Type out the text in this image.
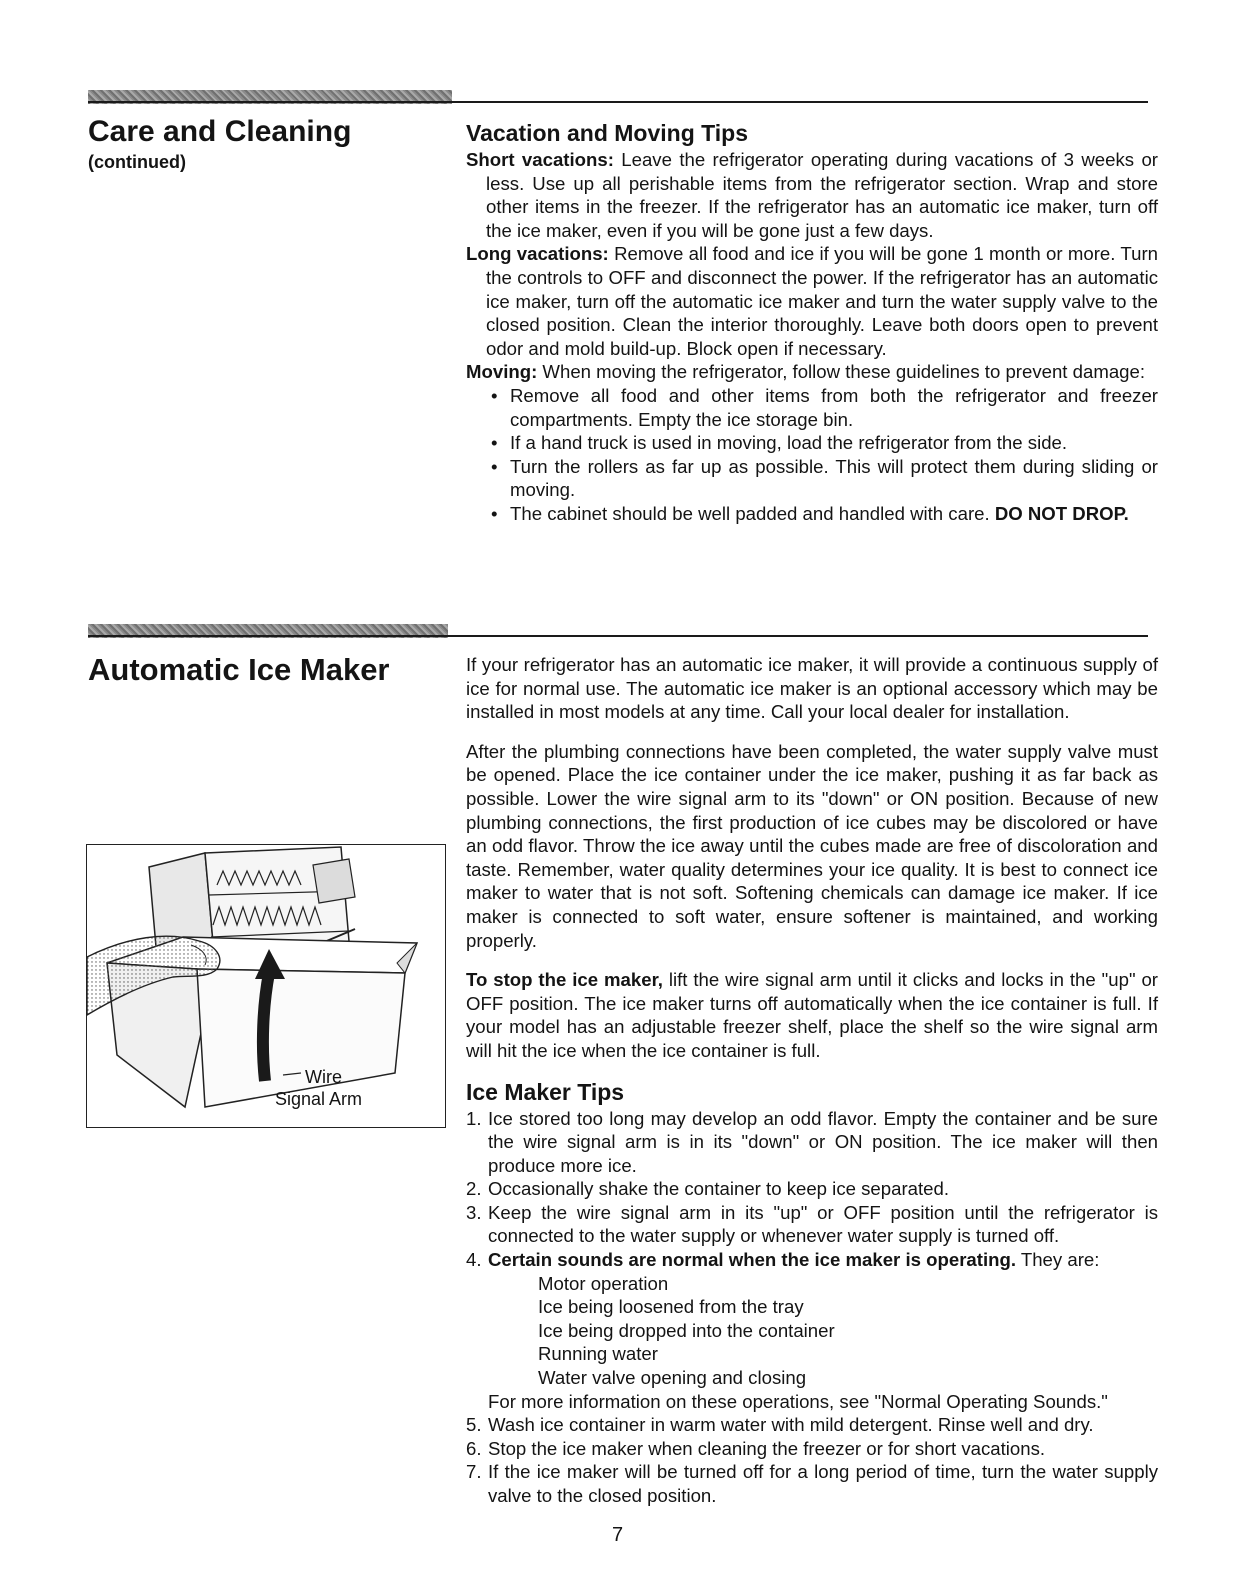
Care and Cleaning
(continued)

Vacation and Moving Tips

Short vacations: Leave the refrigerator operating during vacations of 3 weeks or less. Use up all perishable items from the refrigerator section. Wrap and store other items in the freezer. If the refrigerator has an automatic ice maker, turn off the ice maker, even if you will be gone just a few days.

Long vacations: Remove all food and ice if you will be gone 1 month or more. Turn the controls to OFF and disconnect the power. If the refrigerator has an automatic ice maker, turn off the automatic ice maker and turn the water supply valve to the closed position. Clean the interior thoroughly. Leave both doors open to prevent odor and mold build-up. Block open if necessary.

Moving: When moving the refrigerator, follow these guidelines to prevent damage:

• Remove all food and other items from both the refrigerator and freezer compartments. Empty the ice storage bin.

• If a hand truck is used in moving, load the refrigerator from the side.

• Turn the rollers as far up as possible. This will protect them during sliding or moving.

• The cabinet should be well padded and handled with care. DO NOT DROP.

Automatic Ice Maker	If your refrigerator has an automatic ice maker, it will provide a continuous supply of ice for normal use. The automatic ice maker is an optional accessory which may be installed in most models at any time. Call your local dealer for installation.

After the plumbing connections have been completed, the water supply valve must be opened. Place the ice container under the ice maker, pushing it as far back as possible. Lower the wire signal arm to its "down" or ON position. Because of new plumbing connections, the first production of ice cubes may be discolored or have an odd flavor. Throw the ice away until the cubes made are free of discoloration and taste. Remember, water quality determines your ice quality. It is best to connect ice maker to water that is not soft. Softening chemicals can damage ice maker. If ice maker is connected to soft water, ensure softener is maintained, and working properly.

To stop the ice maker, lift the wire signal arm until it clicks and locks in the "up" or OFF position. The ice maker turns off automatically when the ice container is full. If your model has an adjustable freezer shelf, place the shelf so the wire signal arm will hit the ice when the ice container is full.

Ice Maker Tips

1. Ice stored too long may develop an odd flavor. Empty the container and be sure the wire signal arm is in its "down" or ON position. The ice maker will then produce more ice.

2. Occasionally shake the container to keep ice separated.

3. Keep the wire signal arm in its "up" or OFF position until the refrigerator is connected to the water supply or whenever water supply is turned off.

4. Certain sounds are normal when the ice maker is operating. They are:

Motor operation

Ice being loosened from the tray

Ice being dropped into the container

Running water

Water valve opening and closing

For more information on these operations, see "Normal Operating Sounds."

5. Wash ice container in warm water with mild detergent. Rinse well and dry.

6. Stop the ice maker when cleaning the freezer or for short vacations.

7. If the ice maker will be turned off for a long period of time, turn the water supply valve to the closed position.

Wire
Signal Arm
7
